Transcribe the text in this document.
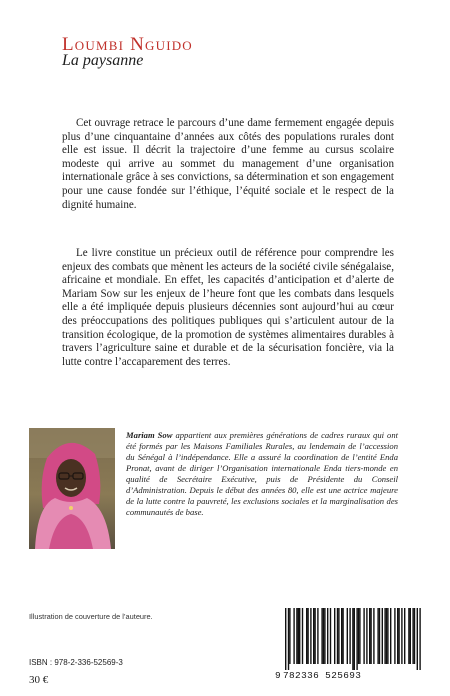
Loumbi Nguido
La paysanne

Cet ouvrage retrace le parcours d’une dame fermement engagée depuis plus d’une cinquantaine d’années aux côtés des populations rurales dont elle est issue. Il décrit la trajectoire d’une femme au cursus scolaire modeste qui arrive au sommet du management d’une organisation internationale grâce à ses convictions, sa détermination et son engagement pour une cause fondée sur l’éthique, l’équité sociale et le respect de la dignité humaine.

Le livre constitue un précieux outil de référence pour comprendre les enjeux des combats que mènent les acteurs de la société civile sénégalaise, africaine et mondiale. En effet, les capacités d’anticipation et d’alerte de Mariam Sow sur les enjeux de l’heure font que les combats dans lesquels elle a été impliquée depuis plusieurs décennies sont aujourd’hui au cœur des préoccupations des politiques publiques qui s’articulent autour de la transition écologique, de la promotion de systèmes alimentaires durables à travers l’agriculture saine et durable et de la sécurisation foncière, via la lutte contre l’accaparement des terres.

Mariam Sow appartient aux premières générations de cadres ruraux qui ont été formés par les Maisons Familiales Rurales, au lendemain de l’accession du Sénégal à l’indépendance. Elle a assuré la coordination de l’entité Enda Pronat, avant de diriger l’Organisation internationale Enda tiers-monde en qualité de Secrétaire Exécutive, puis de Présidente du Conseil d’Administration. Depuis le début des années 80, elle est une actrice majeure de la lutte contre la pauvreté, les exclusions sociales et la marginalisation des communautés de base.

Illustration de couverture de l’auteure.
ISBN : 978-2-336-52569-3
30 €	9 782336 525693
